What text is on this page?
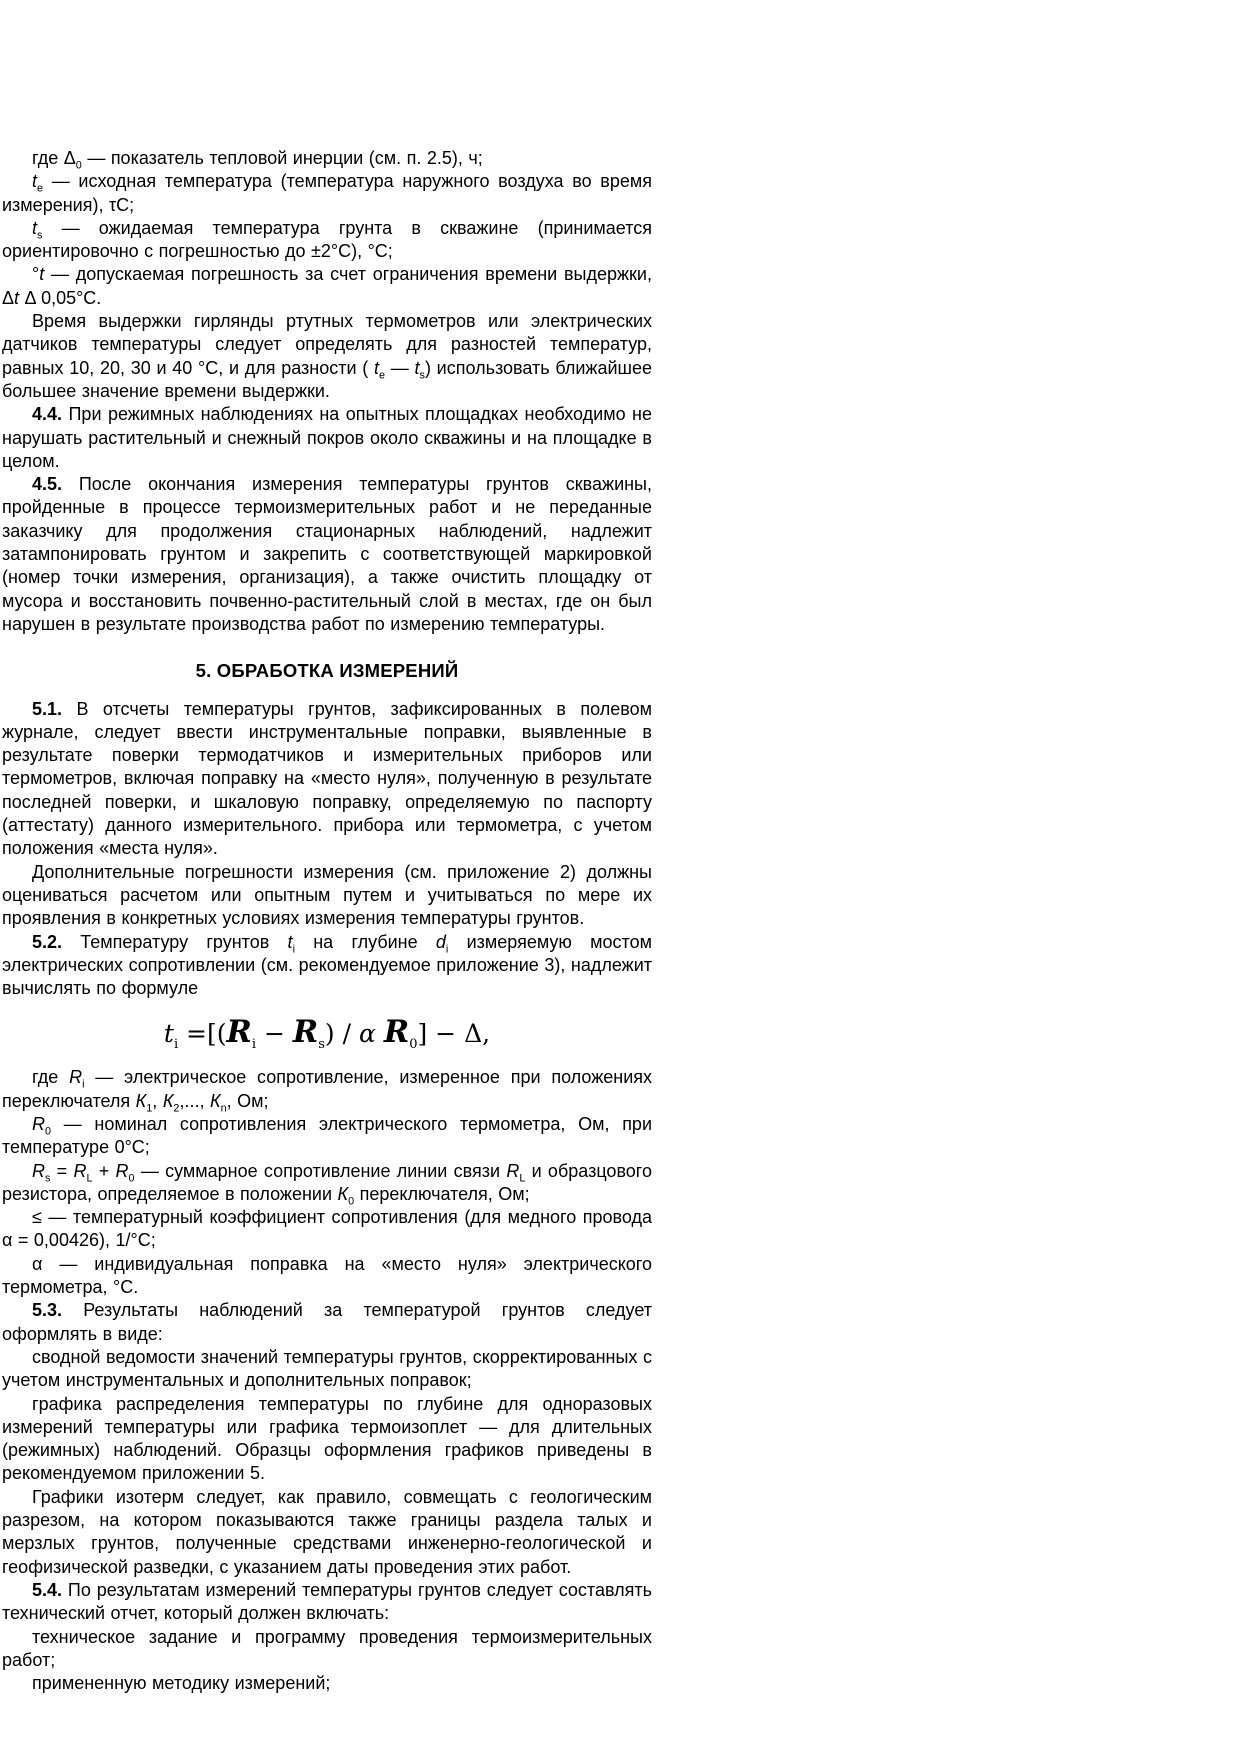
где $\Delta_0$ — показатель тепловой инерции (см. п. 2.5), ч;

$t_e$ — исходная температура (температура наружного воздуха во время измерения), τС;

$t_s$ — ожидаемая температура грунта в скважине (принимается ориентировочно с погрешностью до ±2°С), °С;

°t — допускаемая погрешность за счет ограничения времени выдержки, Δt Δ 0,05°С.

Время выдержки гирлянды ртутных термометров или электрических датчиков температуры следует определять для разностей температур, равных 10, 20, 30 и 40 °С, и для разности ( $t_e$ — $t_s$) использовать ближайшее большее значение времени выдержки.

4.4. При режимных наблюдениях на опытных площадках необходимо не нарушать растительный и снежный покров около скважины и на площадке в целом.

4.5. После окончания измерения температуры грунтов скважины, пройденные в процессе термоизмерительных работ и не переданные заказчику для продолжения стационарных наблюдений, надлежит затампонировать грунтом и закрепить с соответствующей маркировкой (номер точки измерения, организация), а также очистить площадку от мусора и восстановить почвенно-растительный слой в местах, где он был нарушен в результате производства работ по измерению температуры.

5. ОБРАБОТКА ИЗМЕРЕНИЙ

5.1. В отсчеты температуры грунтов, зафиксированных в полевом журнале, следует ввести инструментальные поправки, выявленные в результате поверки термодатчиков и измерительных приборов или термометров, включая поправку на «место нуля», полученную в результате последней поверки, и шкаловую поправку, определяемую по паспорту (аттестату) данного измерительного. прибора или термометра, с учетом положения «места нуля».

Дополнительные погрешности измерения (см. приложение 2) должны оцениваться расчетом или опытным путем и учитываться по мере их проявления в конкретных условиях измерения температуры грунтов.

5.2. Температуру грунтов $t_i$ на глубине $d_i$ измеряемую мостом электрических сопротивлении (см. рекомендуемое приложение 3), надлежит вычислять по формуле

$t_i =[(R_i - R_s) / \alpha$ $R_0] - \Delta$,

где $R_i$ — электрическое сопротивление, измеренное при положениях переключателя $К_1$, $К_2$,..., $К_n$, Ом;

$R_0$ — номинал сопротивления электрического термометра, Ом, при температуре 0°С;

$R_s = R_L + R_0$ — суммарное сопротивление линии связи $R_L$ и образцового резистора, определяемое в положении $К_0$ переключателя, Ом;

≤ — температурный коэффициент сопротивления (для медного провода α = 0,00426), 1/°С;

α — индивидуальная поправка на «место нуля» электрического термометра, °С.

5.3. Результаты наблюдений за температурой грунтов следует оформлять в виде:

сводной ведомости значений температуры грунтов, скорректированных с учетом инструментальных и дополнительных поправок;

графика распределения температуры по глубине для одноразовых измерений температуры или графика термоизоплет — для длительных (режимных) наблюдений. Образцы оформления графиков приведены в рекомендуемом приложении 5.

Графики изотерм следует, как правило, совмещать с геологическим разрезом, на котором показываются также границы раздела талых и мерзлых грунтов, полученные средствами инженерно-геологической и геофизической разведки, с указанием даты проведения этих работ.

5.4. По результатам измерений температуры грунтов следует составлять технический отчет, который должен включать:

техническое задание и программу проведения термоизмерительных работ;

примененную методику измерений;
